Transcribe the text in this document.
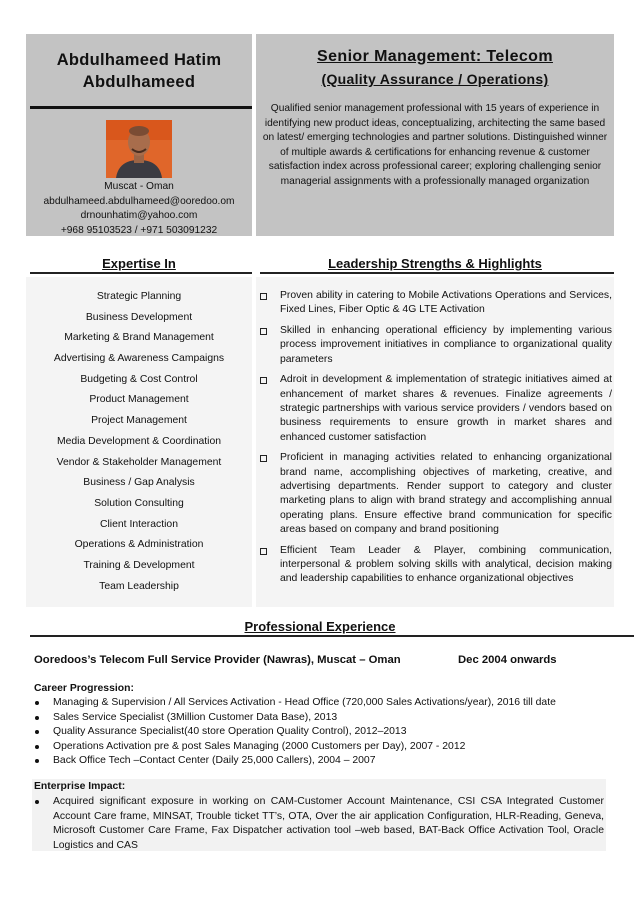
Abdulhameed Hatim Abdulhameed
Muscat - Oman
abdulhameed.abdulhameed@ooredoo.om
drnounhatim@yahoo.com
+968 95103523 / +971 503091232
Senior Management: Telecom
(Quality Assurance / Operations)
Qualified senior management professional with 15 years of experience in identifying new product ideas, conceptualizing, architecting the same based on latest/ emerging technologies and partner solutions. Distinguished winner of multiple awards & certifications for enhancing revenue & customer satisfaction index across professional career; exploring challenging senior managerial assignments with a professionally managed organization
Expertise In	Leadership Strengths & Highlights
Strategic Planning
Business Development
Marketing & Brand Management
Advertising & Awareness Campaigns
Budgeting & Cost Control
Product Management
Project Management
Media Development & Coordination
Vendor & Stakeholder Management
Business / Gap Analysis
Solution Consulting
Client Interaction
Operations & Administration
Training & Development
Team Leadership
Proven ability in catering to Mobile Activations Operations and Services, Fixed Lines, Fiber Optic & 4G LTE Activation
Skilled in enhancing operational efficiency by implementing various process improvement initiatives in compliance to organizational quality parameters
Adroit in development & implementation of strategic initiatives aimed at enhancement of market shares & revenues. Finalize agreements / strategic partnerships with various service providers / vendors based on business requirements to ensure growth in market shares and enhanced customer satisfaction
Proficient in managing activities related to enhancing organizational brand name, accomplishing objectives of marketing, creative, and advertising departments. Render support to category and cluster marketing plans to align with brand strategy and accomplishing annual operating plans. Ensure effective brand communication for specific areas based on company and brand positioning
Efficient Team Leader & Player, combining communication, interpersonal & problem solving skills with analytical, decision making and leadership capabilities to enhance organizational objectives
Professional Experience
Ooredoos’s Telecom Full Service Provider (Nawras), Muscat – Oman	Dec 2004 onwards
Career Progression:
Managing & Supervision / All Services Activation - Head Office (720,000 Sales Activations/year), 2016 till date
Sales Service Specialist (3Million Customer Data Base), 2013
Quality Assurance Specialist(40 store Operation Quality Control), 2012–2013
Operations Activation pre & post Sales Managing (2000 Customers per Day), 2007 - 2012
Back Office Tech –Contact Center (Daily 25,000 Callers), 2004 – 2007
Enterprise Impact:
Acquired significant exposure in working on CAM-Customer Account Maintenance, CSI CSA Integrated Customer Account Care frame, MINSAT, Trouble ticket TT’s, OTA, Over the air application Configuration, HLR-Reading, Geneva, Microsoft Customer Care Frame, Fax Dispatcher activation tool –web based, BAT-Back Office Activation Tool, Oracle Logistics and CAS
